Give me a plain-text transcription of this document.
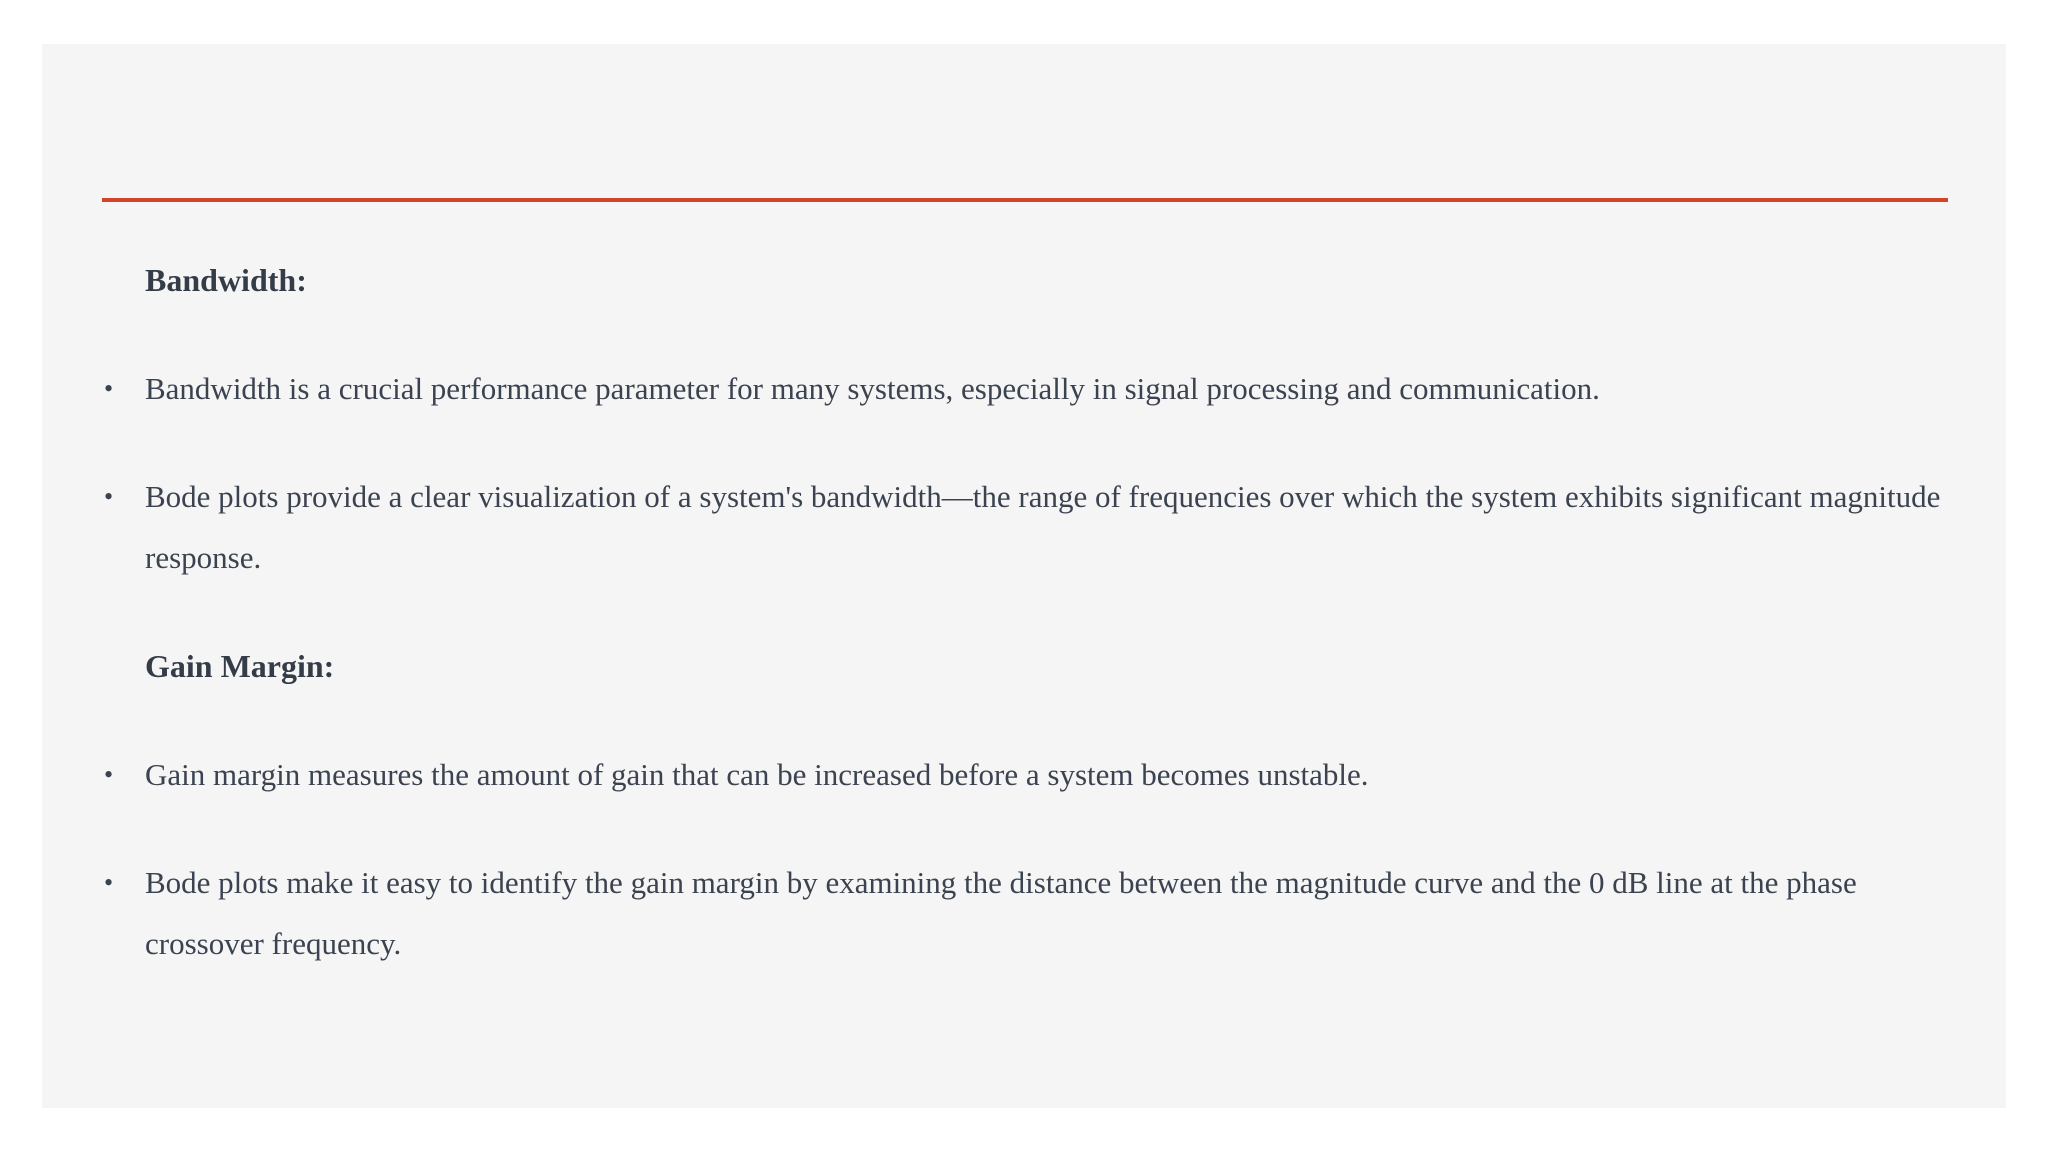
Bandwidth:
• Bandwidth is a crucial performance parameter for many systems, especially in signal processing and communication.
• Bode plots provide a clear visualization of a system's bandwidth—the range of frequencies over which the system exhibits significant magnitude response.
Gain Margin:
• Gain margin measures the amount of gain that can be increased before a system becomes unstable.
• Bode plots make it easy to identify the gain margin by examining the distance between the magnitude curve and the 0 dB line at the phase crossover frequency.
